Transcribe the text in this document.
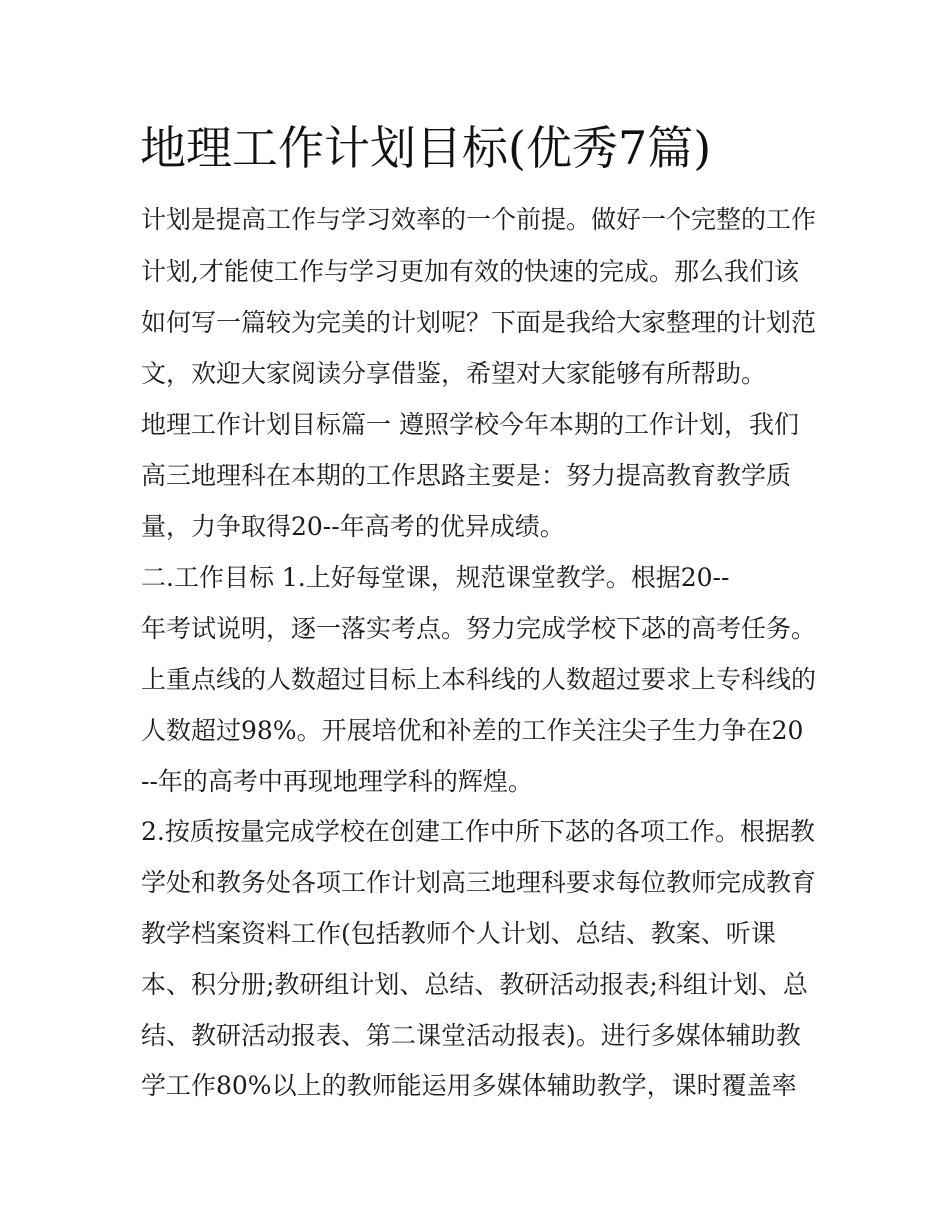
地理工作计划目标(优秀7篇)
计划是提高工作与学习效率的一个前提。做好一个完整的工作
计划,才能使工作与学习更加有效的快速的完成。那么我们该
如何写一篇较为完美的计划呢？下面是我给大家整理的计划范
文，欢迎大家阅读分享借鉴，希望对大家能够有所帮助。
地理工作计划目标篇一 遵照学校今年本期的工作计划，我们
高三地理科在本期的工作思路主要是：努力提高教育教学质
量，力争取得20--年高考的优异成绩。
二.工作目标 1.上好每堂课，规范课堂教学。根据20--
年考试说明，逐一落实考点。努力完成学校下苾的高考任务。
上重点线的人数超过目标上本科线的人数超过要求上专科线的
人数超过98%。开展培优和补差的工作关注尖子生力争在20
--年的高考中再现地理学科的辉煌。
2.按质按量完成学校在创建工作中所下苾的各项工作。根据教
学处和教务处各项工作计划高三地理科要求每位教师完成教育
教学档案资料工作(包括教师个人计划、总结、教案、听课
本、积分册;教研组计划、总结、教研活动报表;科组计划、总
结、教研活动报表、第二课堂活动报表)。进行多媒体辅助教
学工作80%以上的教师能运用多媒体辅助教学，课时覆盖率
